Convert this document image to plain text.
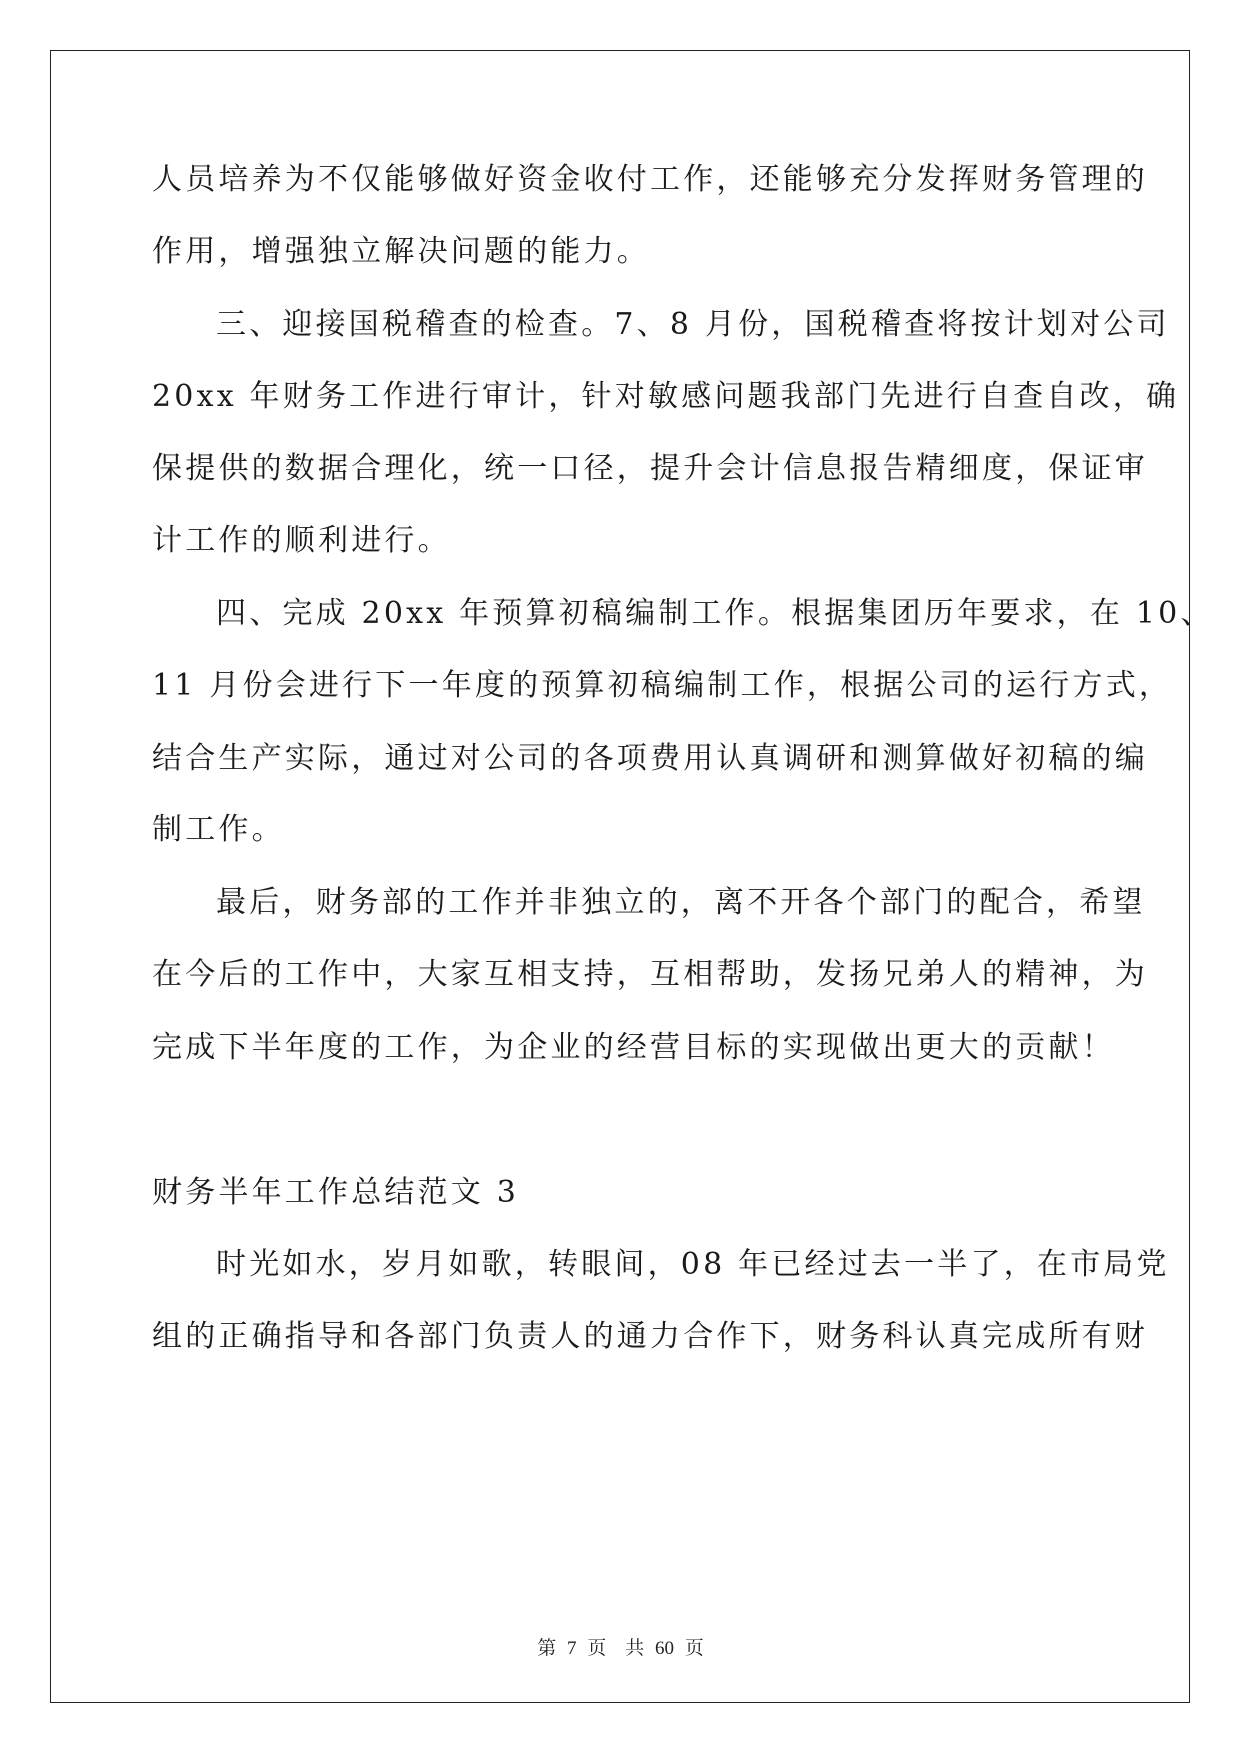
人员培养为不仅能够做好资金收付工作，还能够充分发挥财务管理的
作用，增强独立解决问题的能力。
三、迎接国税稽查的检查。7、8 月份，国税稽查将按计划对公司
20xx 年财务工作进行审计，针对敏感问题我部门先进行自查自改，确
保提供的数据合理化，统一口径，提升会计信息报告精细度，保证审
计工作的顺利进行。
四、完成 20xx 年预算初稿编制工作。根据集团历年要求，在 10、
11 月份会进行下一年度的预算初稿编制工作，根据公司的运行方式，
结合生产实际，通过对公司的各项费用认真调研和测算做好初稿的编
制工作。
最后，财务部的工作并非独立的，离不开各个部门的配合，希望
在今后的工作中，大家互相支持，互相帮助，发扬兄弟人的精神，为
完成下半年度的工作，为企业的经营目标的实现做出更大的贡献！
财务半年工作总结范文 3
时光如水，岁月如歌，转眼间，08 年已经过去一半了，在市局党
组的正确指导和各部门负责人的通力合作下，财务科认真完成所有财
第 7 页　共 60 页
